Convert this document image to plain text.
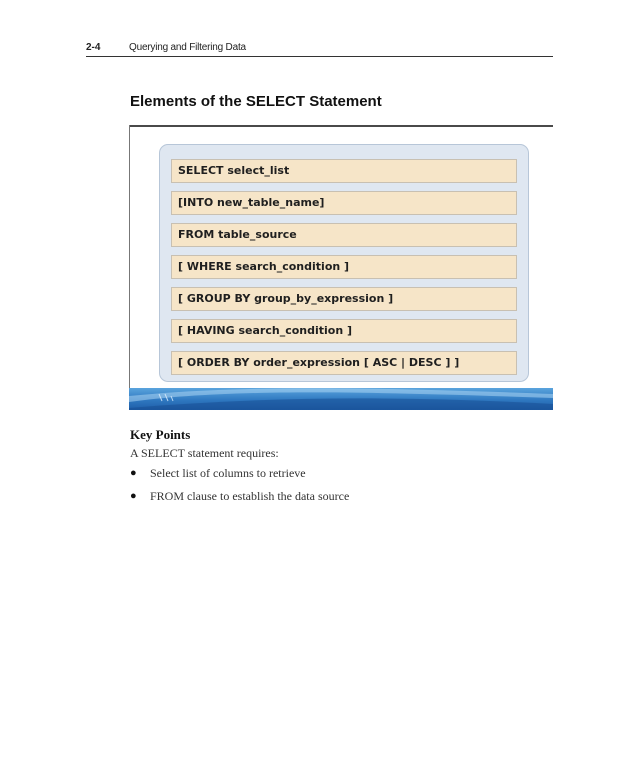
2-4	Querying and Filtering Data
Elements of the SELECT Statement
SELECT select_list
[INTO new_table_name]
FROM table_source
[ WHERE search_condition ]
[ GROUP BY group_by_expression ]
[ HAVING search_condition ]
[ ORDER BY order_expression [ ASC | DESC ] ]
Key Points
A SELECT statement requires:
● Select list of columns to retrieve
● FROM clause to establish the data source
